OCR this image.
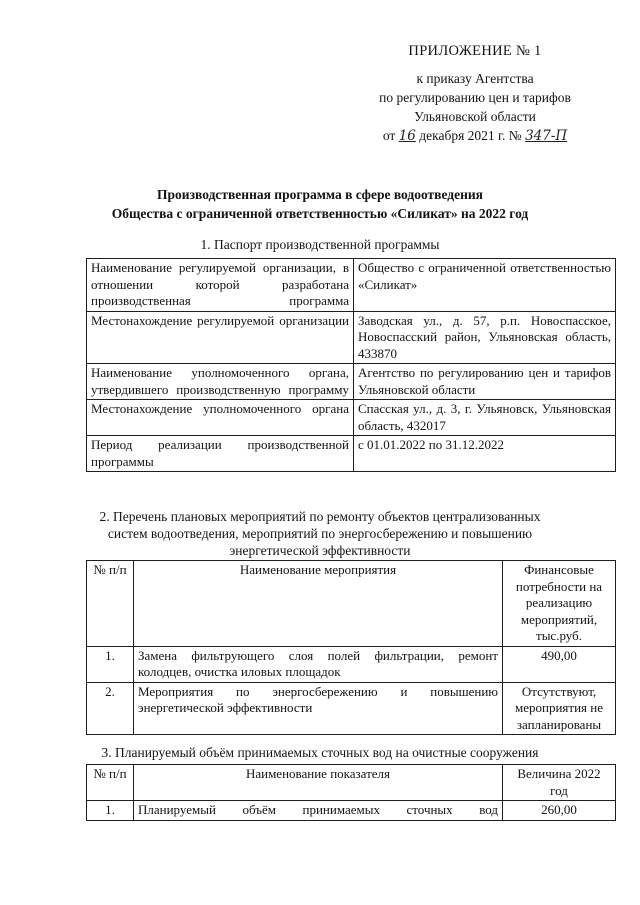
ПРИЛОЖЕНИЕ № 1
к приказу Агентства
по регулированию цен и тарифов
Ульяновской области
от 16 декабря 2021 г. № 347-П
Производственная программа в сфере водоотведения
Общества с ограниченной ответственностью «Силикат» на 2022 год
1. Паспорт производственной программы
Наименование регулируемой организации, в отношении которой разработана производственная программа	Общество с ограниченной ответственностью «Силикат»
Местонахождение регулируемой организации	Заводская ул., д. 57, р.п. Новоспасское, Новоспасский район, Ульяновская область, 433870
Наименование уполномоченного органа, утвердившего производственную программу	Агентство по регулированию цен и тарифов Ульяновской области
Местонахождение уполномоченного органа	Спасская ул., д. 3, г. Ульяновск, Ульяновская область, 432017
Период реализации производственной программы	с 01.01.2022 по 31.12.2022
2. Перечень плановых мероприятий по ремонту объектов централизованных
систем водоотведения, мероприятий по энергосбережению и повышению
энергетической эффективности
№ п/п	Наименование мероприятия	Финансовые потребности на реализацию мероприятий, тыс.руб.
1.	Замена фильтрующего слоя полей фильтрации, ремонт колодцев, очистка иловых площадок	490,00
2.	Мероприятия по энергосбережению и повышению энергетической эффективности	Отсутствуют, мероприятия не запланированы
3. Планируемый объём принимаемых сточных вод на очистные сооружения
№ п/п	Наименование показателя	Величина 2022 год
1.	Планируемый объём принимаемых сточных вод	260,00
